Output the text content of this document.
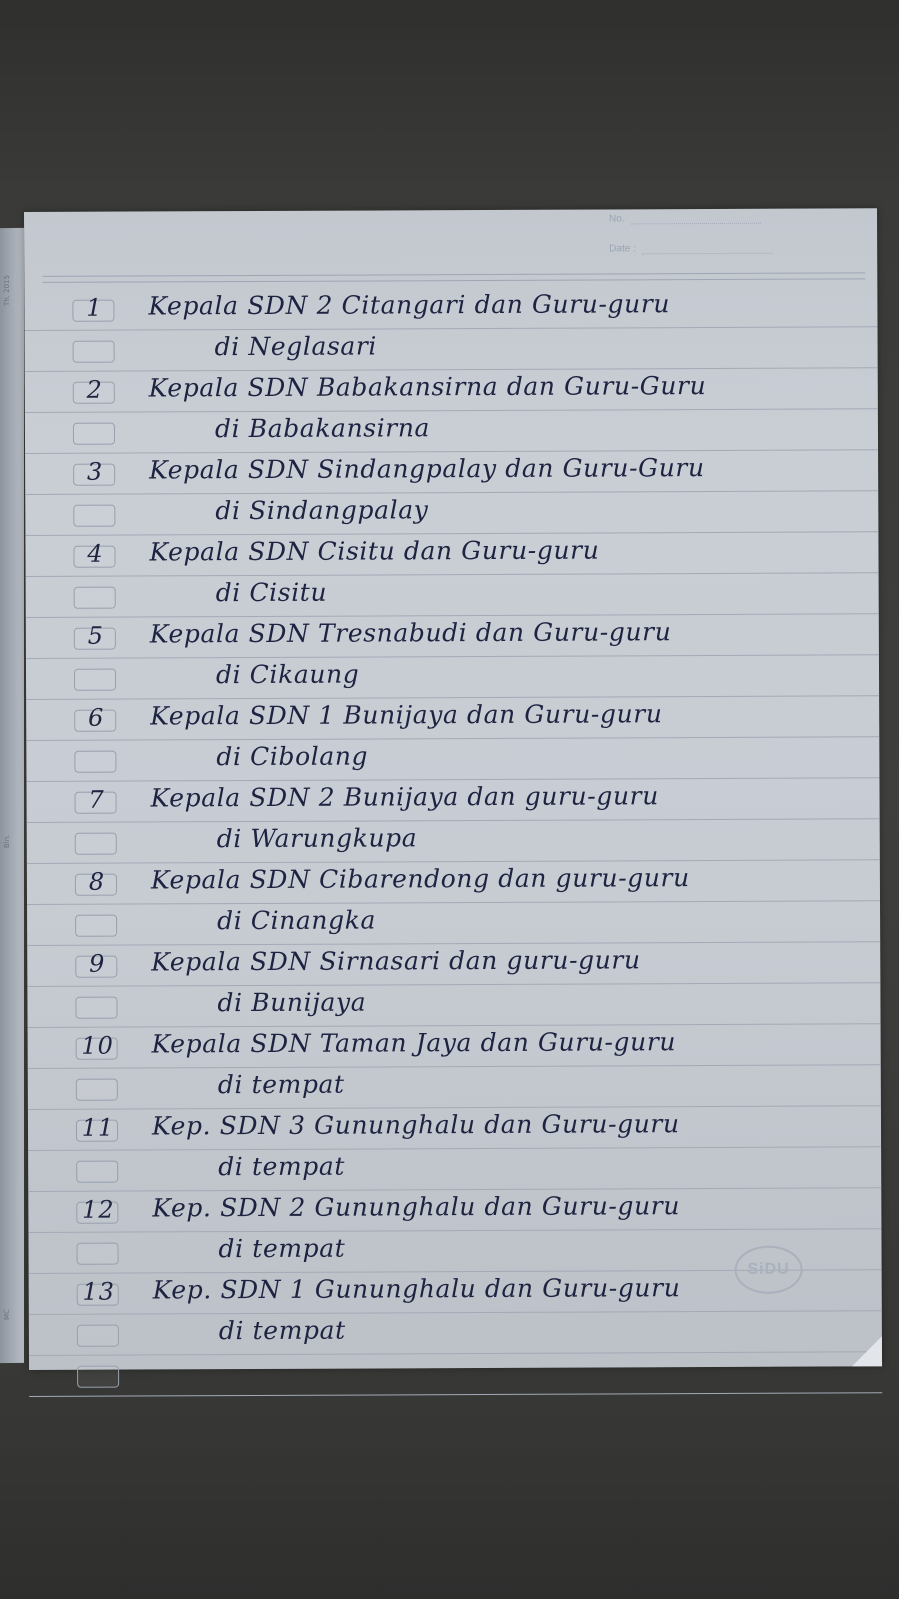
Th. 2015
Bln.
MC
No.
Date :
1	Kepala SDN 2 Citangari dan Guru-guru
di Neglasari
2	Kepala SDN Babakansirna dan Guru-Guru
di Babakansirna
3	Kepala SDN Sindangpalay dan Guru-Guru
di Sindangpalay
4	Kepala SDN Cisitu dan Guru-guru
di Cisitu
5	Kepala SDN Tresnabudi dan Guru-guru
di Cikaung
6	Kepala SDN 1 Bunijaya dan Guru-guru
di Cibolang
7	Kepala SDN 2 Bunijaya dan guru-guru
di Warungkupa
8	Kepala SDN Cibarendong dan guru-guru
di Cinangka
9	Kepala SDN Sirnasari dan guru-guru
di Bunijaya
10 Kepala SDN Taman Jaya dan Guru-guru
di tempat
11 Kep. SDN 3 Gununghalu dan Guru-guru
di tempat
12 Kep. SDN 2 Gununghalu dan Guru-guru
di tempat
13 Kep. SDN 1 Gununghalu dan Guru-guru
di tempat
SiDU
